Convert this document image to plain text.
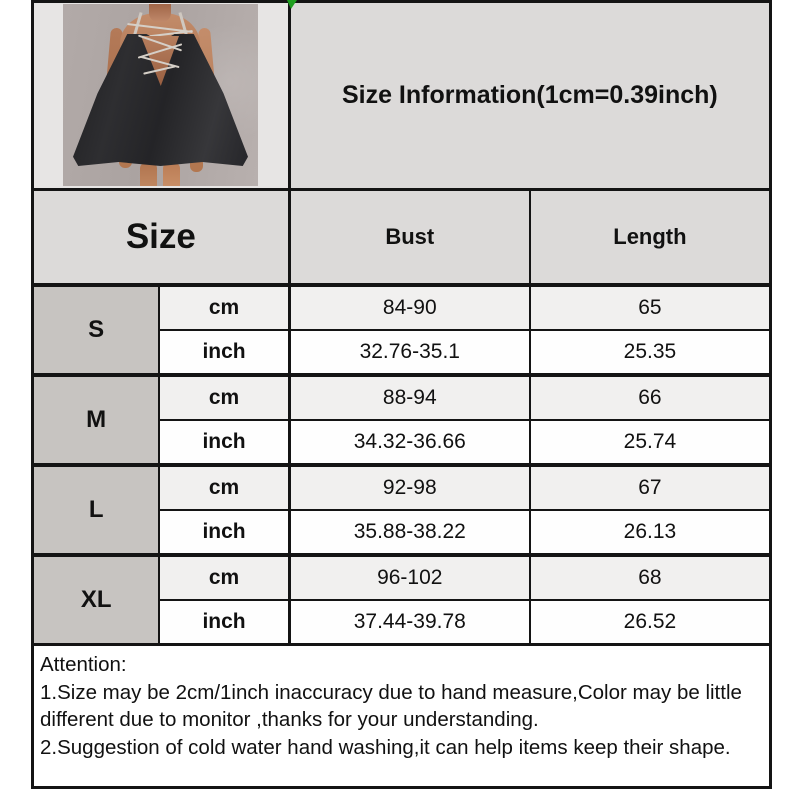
		Size Information(1cm=0.39inch)	
Size		Bust	Length
S	cm	84-90	65
	inch	32.76-35.1	25.35
M	cm	88-94	66
	inch	34.32-36.66	25.74
L	cm	92-98	67
	inch	35.88-38.22	26.13
XL	cm	96-102	68
	inch	37.44-39.78	26.52

Attention:
1.Size may be 2cm/1inch inaccuracy due to hand measure,Color may be little
different due to monitor ,thanks for your understanding.
2.Suggestion of cold water hand washing,it can help items keep their shape.			
